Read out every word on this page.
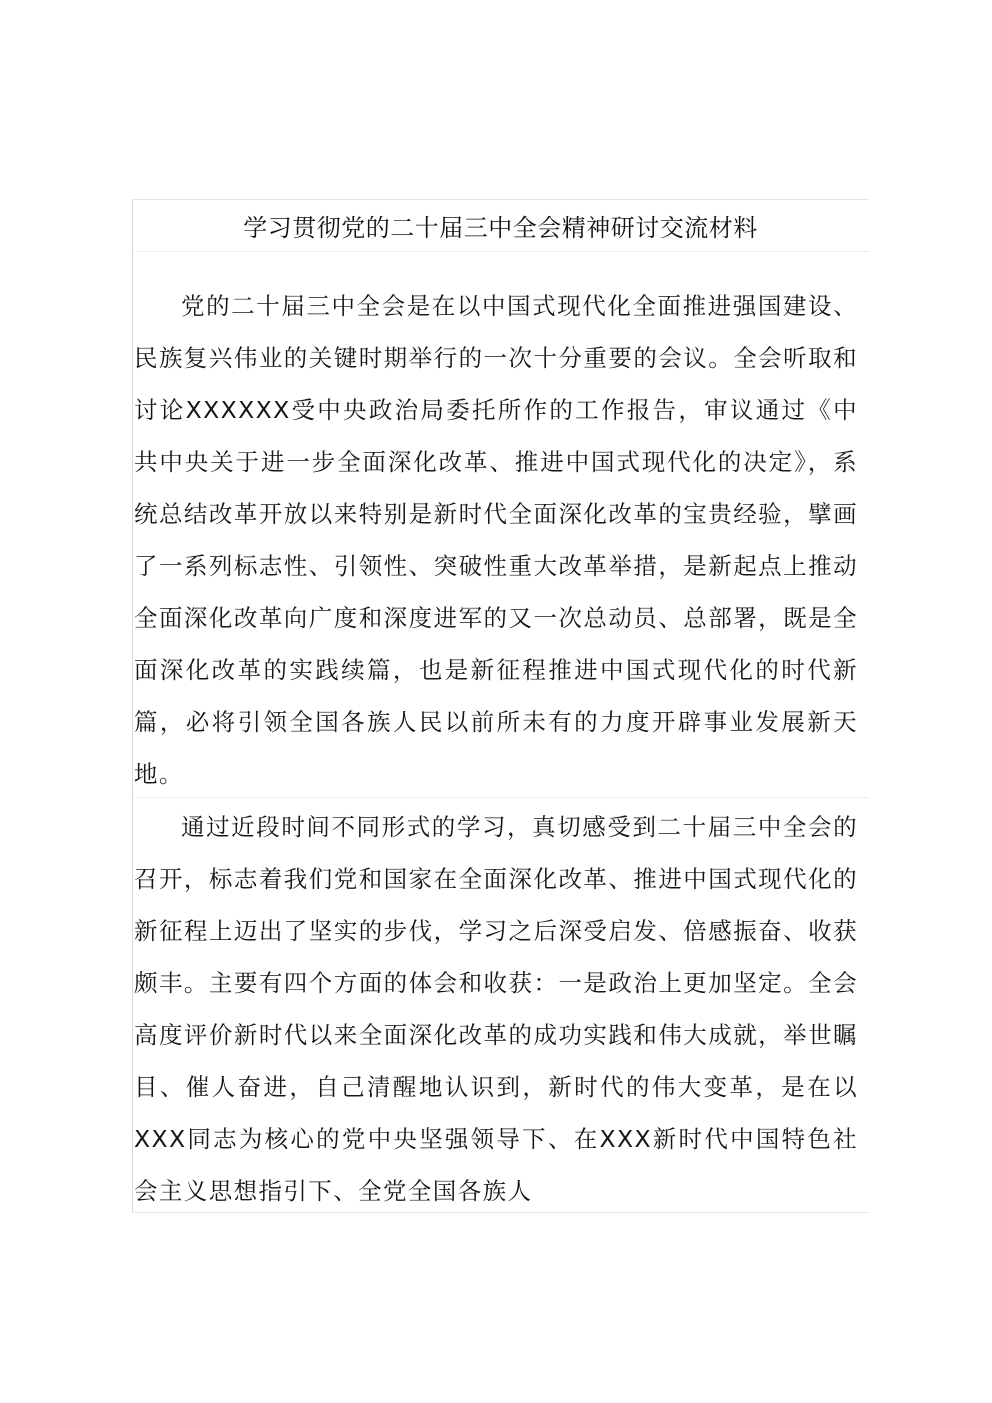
学习贯彻党的二十届三中全会精神研讨交流材料

党的二十届三中全会是在以中国式现代化全面推进强国建设、民族复兴伟业的关键时期举行的一次十分重要的会议。全会听取和讨论XXXXXX受中央政治局委托所作的工作报告，审议通过《中共中央关于进一步全面深化改革、推进中国式现代化的决定》，系统总结改革开放以来特别是新时代全面深化改革的宝贵经验，擘画了一系列标志性、引领性、突破性重大改革举措，是新起点上推动全面深化改革向广度和深度进军的又一次总动员、总部署，既是全面深化改革的实践续篇，也是新征程推进中国式现代化的时代新篇，必将引领全国各族人民以前所未有的力度开辟事业发展新天地。

通过近段时间不同形式的学习，真切感受到二十届三中全会的召开，标志着我们党和国家在全面深化改革、推进中国式现代化的新征程上迈出了坚实的步伐，学习之后深受启发、倍感振奋、收获颇丰。主要有四个方面的体会和收获：一是政治上更加坚定。全会高度评价新时代以来全面深化改革的成功实践和伟大成就，举世瞩目、催人奋进，自己清醒地认识到，新时代的伟大变革，是在以XXX同志为核心的党中央坚强领导下、在XXX新时代中国特色社会主义思想指引下、全党全国各族人
